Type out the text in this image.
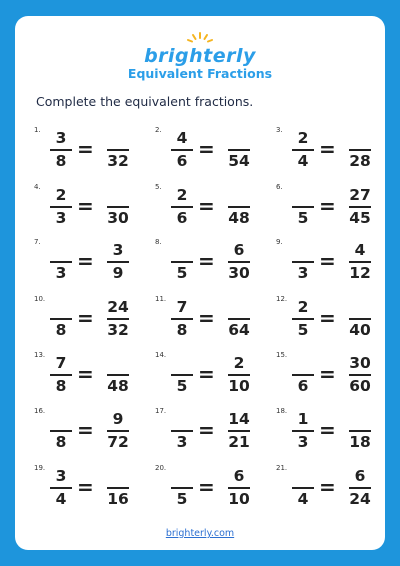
brighterly
Equivalent Fractions
Complete the equivalent fractions.
1. 3
8 = 32
2. 4
6 = 54
3. 2
4 = 28
4. 2
3 = 30
5. 2
6 = 48
6.
5 = 27
45
7.
3 =	3
9
8.
5 =	6
30
9.
3 =	4
12
10.
8 = 24
32
11. 7
8 = 64
12. 2
5 = 40
13. 7
8 = 48
14.
5 =	2
10
15.
6 = 30
60
16.
8 =	9
72
17.
3 = 14
21
18. 1
3 = 18
19. 3
4 = 16
20.
5 =	6
10
21.
4 =	6
24
brighterly.com
